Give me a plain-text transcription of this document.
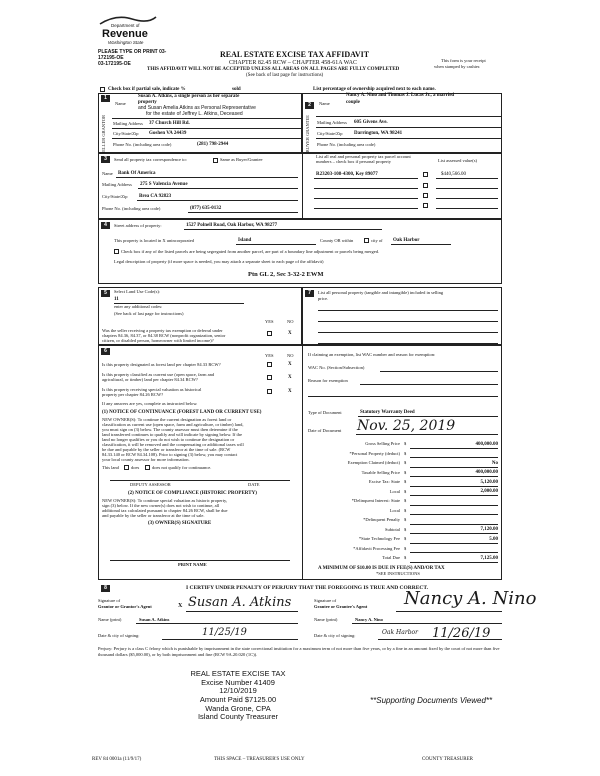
Department of
Revenue
Washington State
PLEASE TYPE OR PRINT 03-
172195-OE
03-172195-OE
REAL ESTATE EXCISE TAX AFFIDAVIT
CHAPTER 82.45 RCW – CHAPTER 458-61A WAC
THIS AFFIDAVIT WILL NOT BE ACCEPTED UNLESS ALL AREAS ON ALL PAGES ARE FULLY COMPLETED
(See back of last page for instructions)
This form is your receipt
when stamped by cashier.
Check box if partial sale, indicate %	sold	List percentage of ownership acquired next to each name.
1
SELLER GRANTOR
Name
Susan A. Atkins, a single person as her separate
property
and Susan Amelia Atkins as Personal Representative
for the estate of Jeffrey L. Atkins, Deceased
Mailing Address 37 Church Hill Rd.
City/State/Zip Goshen VA 24439
Phone No. (including area code)	(281) 798-2944
2
BUYER GRANTEE
Name
Nancy A. Nino and Thomas J. Lucas Jr., a married
couple
Mailing Address 605 Givens Ave.
City/State/Zip Darrington, WA 98241
Phone No. (including area code)
3	Send all property tax correspondence to:	Same as Buyer/Grantee
Name Bank Of America
Mailing Address 275 S Valencia Avenue
City/State/Zip Brea CA 92823
Phone No. (including area code)	(877) 635-0132
List all real and personal property tax parcel account
numbers – check box if personal property	List assessed value(s)
R23203-108-4300, Key 89077	$440,566.00
4	Street address of property:	1527 Polnell Road, Oak Harbor, WA 98277
This property is located in X unincorporated	Island	County OR within	city of Oak Harbor
Check box if any of the listed parcels are being segregated from another parcel, are part of a boundary line adjustment or parcels being merged.
Legal description of property (if more space is needed, you may attach a separate sheet to each page of the affidavit)
Ptn GL 2, Sec 3-32-2 EWM
5	Select Land Use Code(s):
11
enter any additional codes:
(See back of last page for instructions)
YES	NO
Was the seller receiving a property tax exemption or deferral under
chapters 84.36, 84.37, or 84.38 RCW (nonprofit organization, senior
citizen, or disabled person, homeowner with limited income)?
X
7	List all personal property (tangible and intangible) included in selling
price.
6
YES	NO
Is this property designated as forest land per chapter 84.33 RCW?	X
Is this property classified as current use (open space, farm and
agricultural, or timber) land per chapter 84.34 RCW?	X
Is this property receiving special valuation as historical
property per chapter 84.26 RCW?
X
If any answers are yes, complete as instructed below.
(1) NOTICE OF CONTINUANCE (FOREST LAND OR CURRENT USE)
NEW OWNER(S): To continue the current designation as forest land or
classification as current use (open space, farm and agriculture, or timber) land,
you must sign on (3) below. The county assessor must then determine if the
land transferred continues to qualify and will indicate by signing below. If the
land no longer qualifies or you do not wish to continue the designation or
classification, it will be removed and the compensating or additional taxes will
be due and payable by the seller or transferor at the time of sale. (RCW
84.33.140 or RCW 84.34.108). Prior to signing (3) below, you may contact
your local county assessor for more information.
This land	does	does not qualify for continuance.
DEPUTY ASSESSOR	DATE
(2) NOTICE OF COMPLIANCE (HISTORIC PROPERTY)
NEW OWNER(S): To continue special valuation as historic property,
sign (3) below. If the new owner(s) does not wish to continue, all
additional tax calculated pursuant to chapter 84.26 RCW, shall be due
and payable by the seller or transferor at the time of sale.
(3) OWNER(S) SIGNATURE
PRINT NAME
If claiming an exemption, list WAC number and reason for exemption:
WAC No. (Section/Subsection)
Reason for exemption
Type of Document	Statutory Warranty Deed
Date of Document Nov. 25, 2019
Gross Selling Price $	400,000.00
*Personal Property (deduct) $
Exemption Claimed (deduct) $	No
Taxable Selling Price $	400,000.00
Excise Tax: State $	5,120.00
Local $	2,000.00
*Delinquent Interest: State $
Local $
*Delinquent Penalty $
Subtotal $	7,120.00
*State Technology Fee $	5.00
*Affidavit Processing Fee $
Total Due $	7,125.00
A MINIMUM OF $10.00 IS DUE IN FEE(S) AND/OR TAX
*SEE INSTRUCTIONS
8	I CERTIFY UNDER PENALTY OF PERJURY THAT THE FOREGOING IS TRUE AND CORRECT.
Signature of
Grantor or Grantor's Agent	X Susan A. Atkins	Signature of
Grantee or Grantee's Agent Nancy A. Nino
Name (print)	Susan A. Atkins	Name (print)	Nancy A. Nino
Date & city of signing:	11/25/19	Date & city of signing:	Oak Harbor 11/26/19
Perjury: Perjury is a class C felony which is punishable by imprisonment in the state correctional institution for a maximum term of not more than five years, or by a fine in an amount fixed by the court of not more than five thousand dollars ($5,000.00), or by both imprisonment and fine (RCW 9A.20.020 (1C)).
REAL ESTATE EXCISE TAX
Excise Number 41409
12/10/2019
Amount Paid $7125.00
Wanda Grone, CPA
Island County Treasurer
**Supporting Documents Viewed**
REV 84 0001a (11/9/17)	THIS SPACE – TREASURER'S USE ONLY	COUNTY TREASURER
